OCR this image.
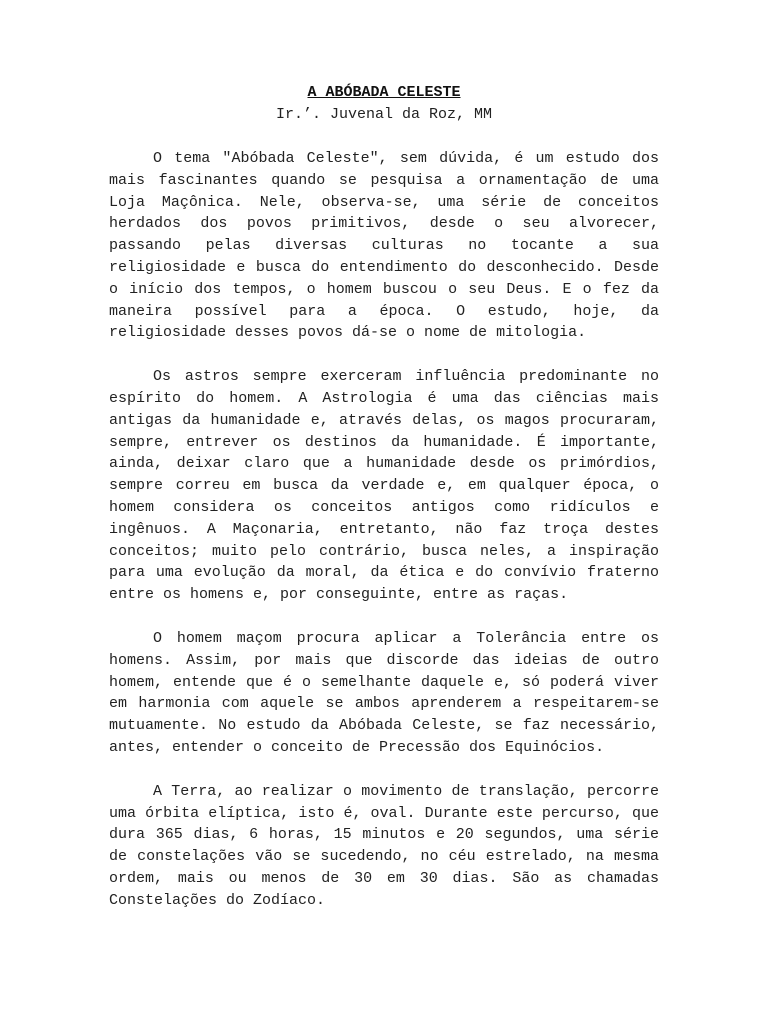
A ABÓBADA CELESTE

Ir.’. Juvenal da Roz, MM

O tema "Abóbada Celeste", sem dúvida, é um estudo dos mais fascinantes quando se pesquisa a ornamentação de uma Loja Maçônica. Nele, observa-se, uma série de conceitos herdados dos povos primitivos, desde o seu alvorecer, passando pelas diversas culturas no tocante a sua religiosidade e busca do entendimento do desconhecido. Desde o início dos tempos, o homem buscou o seu Deus. E o fez da maneira possível para a época. O estudo, hoje, da religiosidade desses povos dá-se o nome de mitologia.

Os astros sempre exerceram influência predominante no espírito do homem. A Astrologia é uma das ciências mais antigas da humanidade e, através delas, os magos procuraram, sempre, entrever os destinos da humanidade. É importante, ainda, deixar claro que a humanidade desde os primórdios, sempre correu em busca da verdade e, em qualquer época, o homem considera os conceitos antigos como ridículos e ingênuos. A Maçonaria, entretanto, não faz troça destes conceitos; muito pelo contrário, busca neles, a inspiração para uma evolução da moral, da ética e do convívio fraterno entre os homens e, por conseguinte, entre as raças.

O homem maçom procura aplicar a Tolerância entre os homens. Assim, por mais que discorde das ideias de outro homem, entende que é o semelhante daquele e, só poderá viver em harmonia com aquele se ambos aprenderem a respeitarem-se mutuamente. No estudo da Abóbada Celeste, se faz necessário, antes, entender o conceito de Precessão dos Equinócios.

A Terra, ao realizar o movimento de translação, percorre uma órbita elíptica, isto é, oval. Durante este percurso, que dura 365 dias, 6 horas, 15 minutos e 20 segundos, uma série de constelações vão se sucedendo, no céu estrelado, na mesma ordem, mais ou menos de 30 em 30 dias. São as chamadas Constelações do Zodíaco.
